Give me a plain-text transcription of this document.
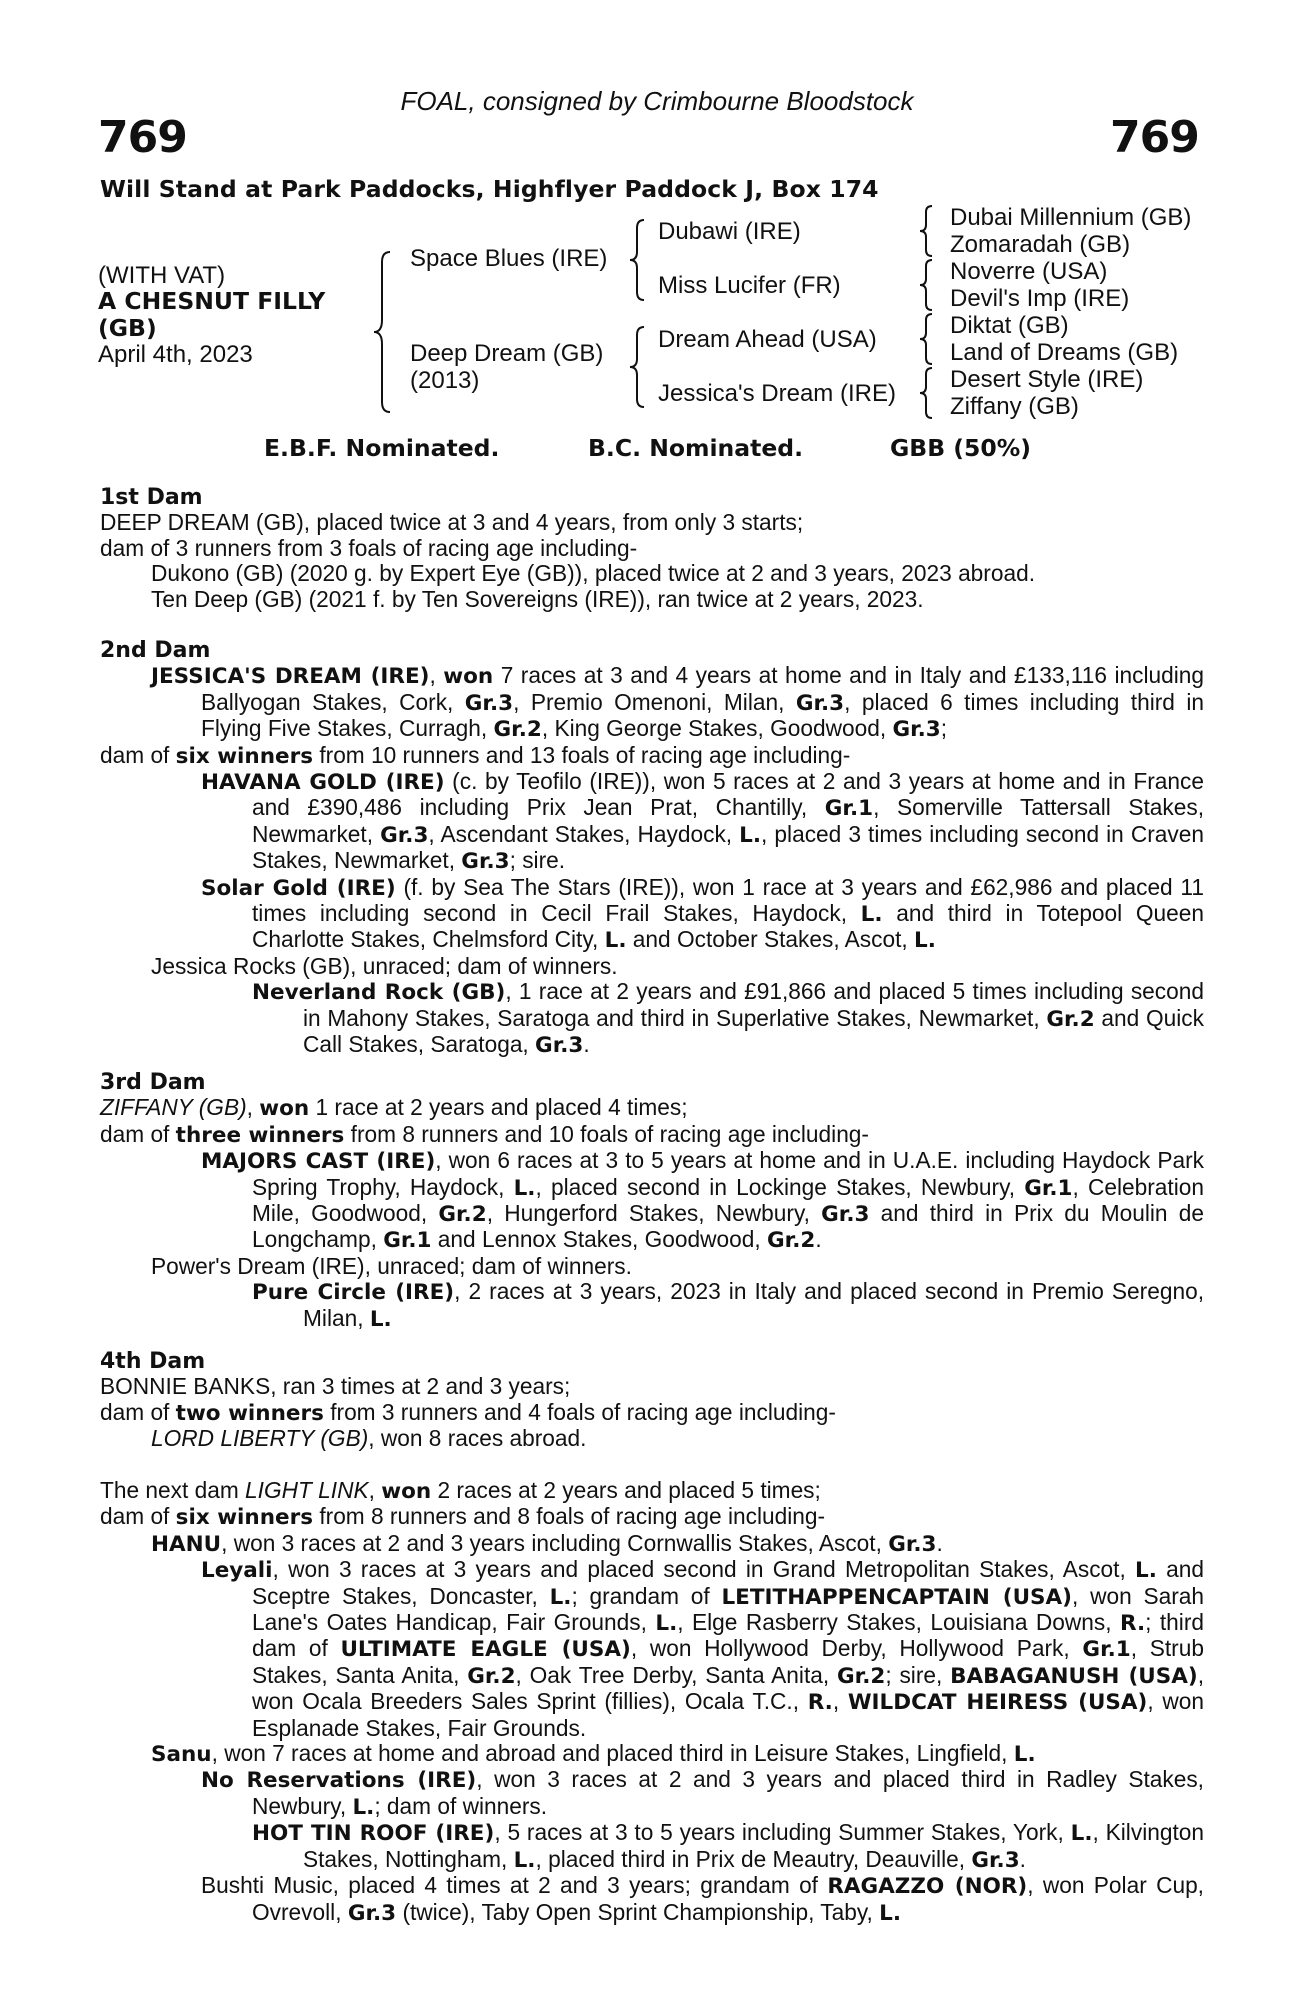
FOAL, consigned by Crimbourne Bloodstock
769	769
Will Stand at Park Paddocks, Highflyer Paddock J, Box 174
(WITH VAT)
A CHESNUT FILLY
(GB)
April 4th, 2023
Space Blues (IRE)
Deep Dream (GB)
(2013)
Dubawi (IRE)
Miss Lucifer (FR)
Dream Ahead (USA)
Jessica's Dream (IRE)
Dubai Millennium (GB)
Zomaradah (GB)
Noverre (USA)
Devil's Imp (IRE)
Diktat (GB)
Land of Dreams (GB)
Desert Style (IRE)
Ziffany (GB)
E.B.F. Nominated.	B.C. Nominated.	GBB (50%)

1st Dam

DEEP DREAM (GB), placed twice at 3 and 4 years, from only 3 starts;

dam of 3 runners from 3 foals of racing age including-

Dukono (GB) (2020 g. by Expert Eye (GB)), placed twice at 2 and 3 years, 2023 abroad.

Ten Deep (GB) (2021 f. by Ten Sovereigns (IRE)), ran twice at 2 years, 2023.

2nd Dam

JESSICA'S DREAM (IRE), won 7 races at 3 and 4 years at home and in Italy and £133,116 including Ballyogan Stakes, Cork, Gr.3, Premio Omenoni, Milan, Gr.3, placed 6 times including third in Flying Five Stakes, Curragh, Gr.2, King George Stakes, Goodwood, Gr.3;

dam of six winners from 10 runners and 13 foals of racing age including-

HAVANA GOLD (IRE) (c. by Teofilo (IRE)), won 5 races at 2 and 3 years at home and in France and £390,486 including Prix Jean Prat, Chantilly, Gr.1, Somerville Tattersall Stakes, Newmarket, Gr.3, Ascendant Stakes, Haydock, L., placed 3 times including second in Craven Stakes, Newmarket, Gr.3; sire.

Solar Gold (IRE) (f. by Sea The Stars (IRE)), won 1 race at 3 years and £62,986 and placed 11 times including second in Cecil Frail Stakes, Haydock, L. and third in Totepool Queen Charlotte Stakes, Chelmsford City, L. and October Stakes, Ascot, L.

Jessica Rocks (GB), unraced; dam of winners.

Neverland Rock (GB), 1 race at 2 years and £91,866 and placed 5 times including second in Mahony Stakes, Saratoga and third in Superlative Stakes, Newmarket, Gr.2 and Quick Call Stakes, Saratoga, Gr.3.

3rd Dam

ZIFFANY (GB), won 1 race at 2 years and placed 4 times;

dam of three winners from 8 runners and 10 foals of racing age including-

MAJORS CAST (IRE), won 6 races at 3 to 5 years at home and in U.A.E. including Haydock Park Spring Trophy, Haydock, L., placed second in Lockinge Stakes, Newbury, Gr.1, Celebration Mile, Goodwood, Gr.2, Hungerford Stakes, Newbury, Gr.3 and third in Prix du Moulin de Longchamp, Gr.1 and Lennox Stakes, Goodwood, Gr.2.

Power's Dream (IRE), unraced; dam of winners.

Pure Circle (IRE), 2 races at 3 years, 2023 in Italy and placed second in Premio Seregno, Milan, L.

4th Dam

BONNIE BANKS, ran 3 times at 2 and 3 years;

dam of two winners from 3 runners and 4 foals of racing age including-

LORD LIBERTY (GB), won 8 races abroad.

The next dam LIGHT LINK, won 2 races at 2 years and placed 5 times;

dam of six winners from 8 runners and 8 foals of racing age including-

HANU, won 3 races at 2 and 3 years including Cornwallis Stakes, Ascot, Gr.3.

Leyali, won 3 races at 3 years and placed second in Grand Metropolitan Stakes, Ascot, L. and Sceptre Stakes, Doncaster, L.; grandam of LETITHAPPENCAPTAIN (USA), won Sarah Lane's Oates Handicap, Fair Grounds, L., Elge Rasberry Stakes, Louisiana Downs, R.; third dam of ULTIMATE EAGLE (USA), won Hollywood Derby, Hollywood Park, Gr.1, Strub Stakes, Santa Anita, Gr.2, Oak Tree Derby, Santa Anita, Gr.2; sire, BABAGANUSH (USA), won Ocala Breeders Sales Sprint (fillies), Ocala T.C., R., WILDCAT HEIRESS (USA), won Esplanade Stakes, Fair Grounds.

Sanu, won 7 races at home and abroad and placed third in Leisure Stakes, Lingfield, L.

No Reservations (IRE), won 3 races at 2 and 3 years and placed third in Radley Stakes, Newbury, L.; dam of winners.

HOT TIN ROOF (IRE), 5 races at 3 to 5 years including Summer Stakes, York, L., Kilvington Stakes, Nottingham, L., placed third in Prix de Meautry, Deauville, Gr.3.

Bushti Music, placed 4 times at 2 and 3 years; grandam of RAGAZZO (NOR), won Polar Cup, Ovrevoll, Gr.3 (twice), Taby Open Sprint Championship, Taby, L.
